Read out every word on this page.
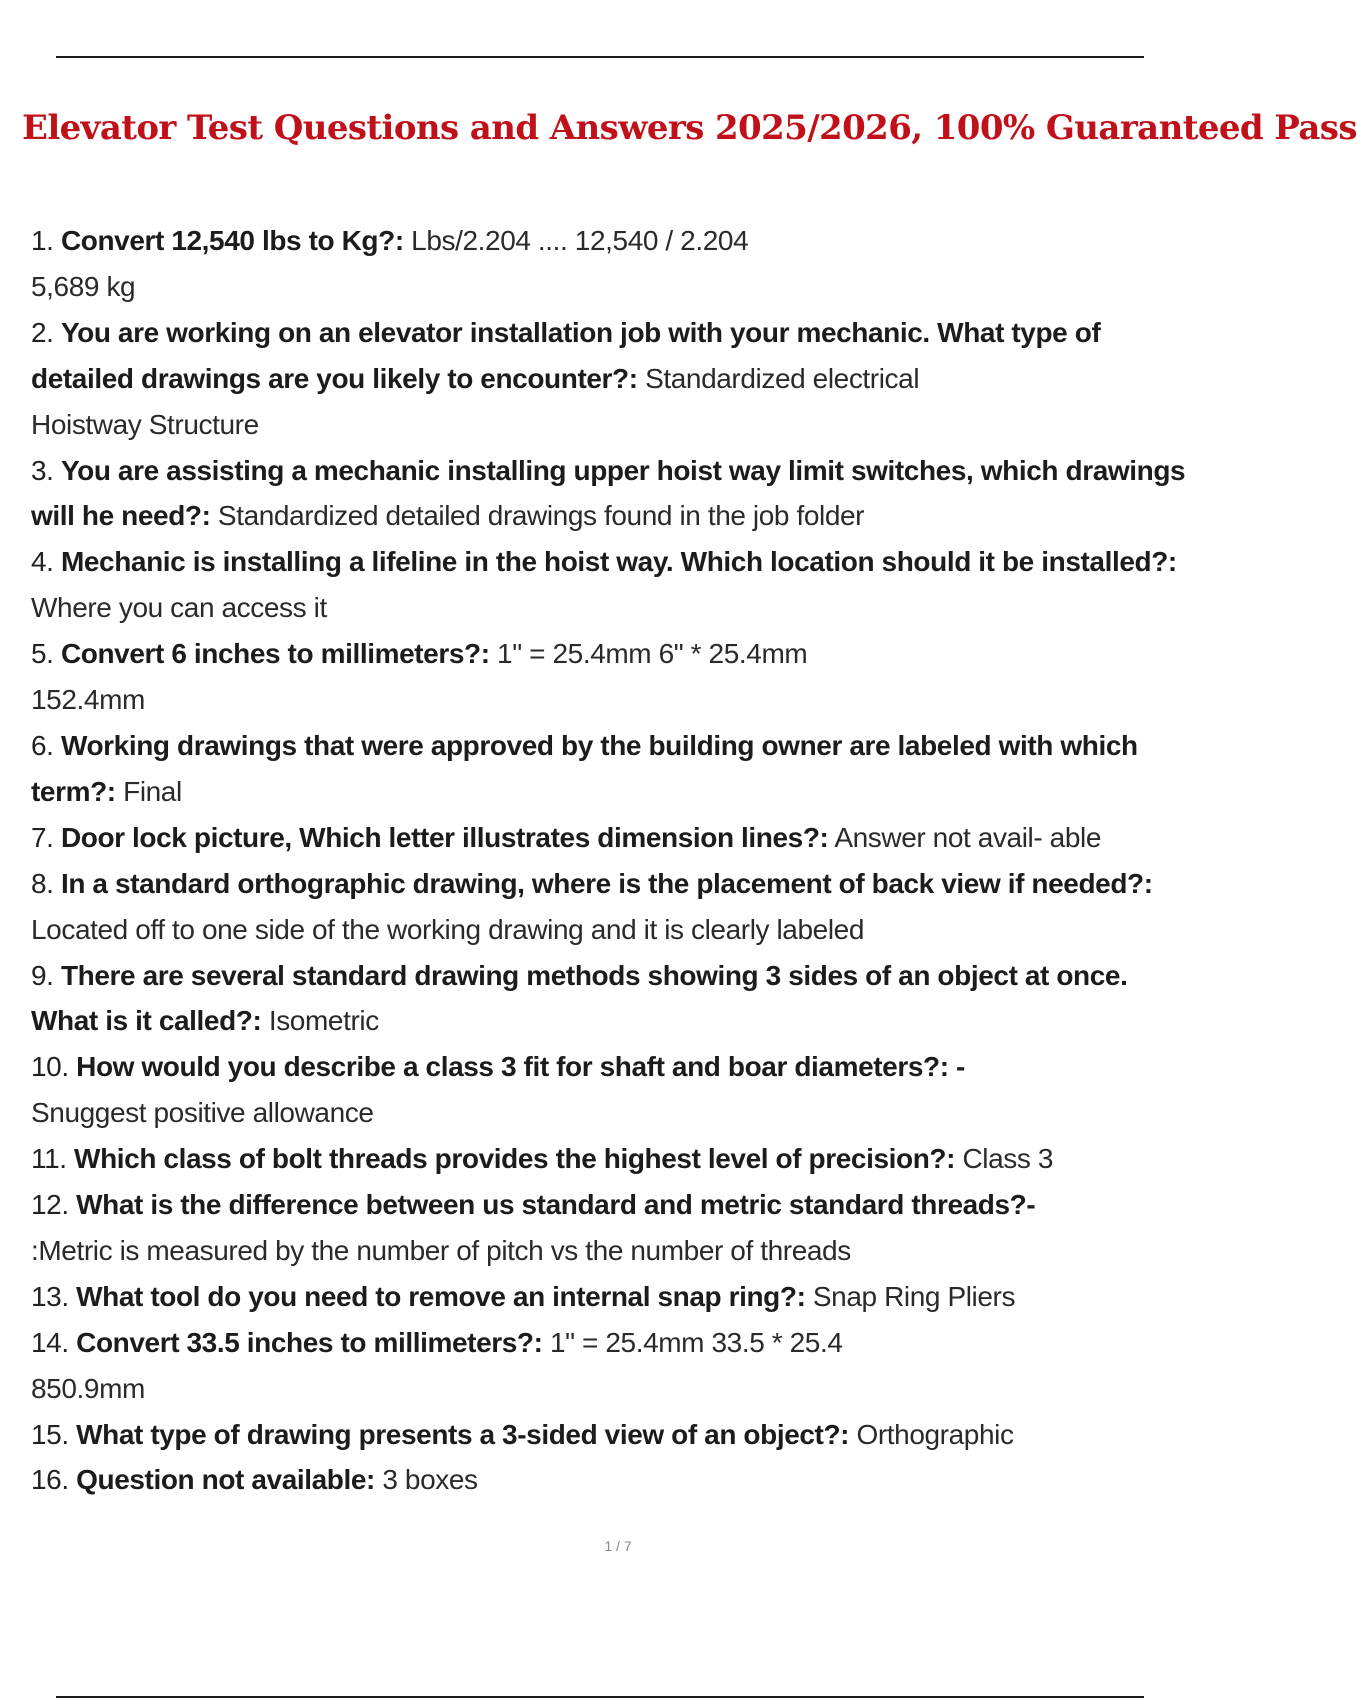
Elevator Test Questions and Answers 2025/2026, 100% Guaranteed Pass
1. Convert 12,540 lbs to Kg?: Lbs/2.204 .... 12,540 / 2.204
5,689 kg
2. You are working on an elevator installation job with your mechanic. What type of detailed drawings are you likely to encounter?: Standardized electrical
Hoistway Structure
3. You are assisting a mechanic installing upper hoist way limit switches, which drawings will he need?: Standardized detailed drawings found in the job folder
4. Mechanic is installing a lifeline in the hoist way. Which location should it be installed?: Where you can access it
5. Convert 6 inches to millimeters?: 1" = 25.4mm 6" * 25.4mm
152.4mm
6. Working drawings that were approved by the building owner are labeled with which term?: Final
7. Door lock picture, Which letter illustrates dimension lines?: Answer not avail- able
8. In a standard orthographic drawing, where is the placement of back view if needed?: Located off to one side of the working drawing and it is clearly labeled
9. There are several standard drawing methods showing 3 sides of an object at once. What is it called?: Isometric
10. How would you describe a class 3 fit for shaft and boar diameters?: -
Snuggest positive allowance
11. Which class of bolt threads provides the highest level of precision?: Class 3
12. What is the difference between us standard and metric standard threads?-
:Metric is measured by the number of pitch vs the number of threads
13. What tool do you need to remove an internal snap ring?: Snap Ring Pliers
14. Convert 33.5 inches to millimeters?: 1" = 25.4mm 33.5 * 25.4
850.9mm
15. What type of drawing presents a 3-sided view of an object?: Orthographic
16. Question not available: 3 boxes
1 / 7
